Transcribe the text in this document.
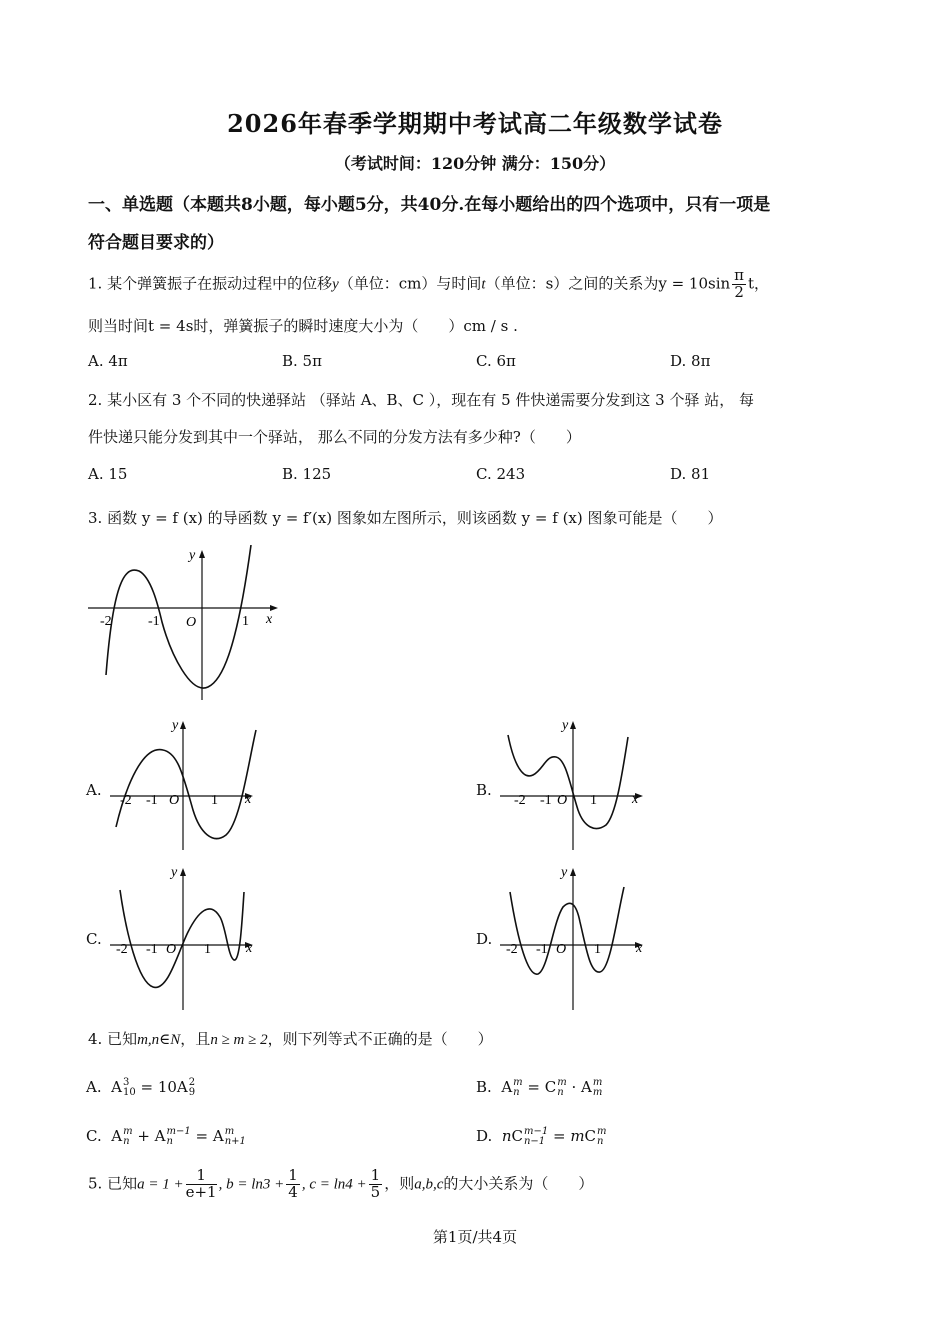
2026年春季学期期中考试高二年级数学试卷
（考试时间：120分钟 满分：150分）
一、单选题（本题共8小题，每小题5分，共40分.在每小题给出的四个选项中，只有一项是
符合题目要求的）
1. 某个弹簧振子在振动过程中的位移y（单位：cm）与时间t（单位：s）之间的关系为$y = 10\sin \frac{\pi}{2}$ t，
则当时间t = 4s时，弹簧振子的瞬时速度大小为（　　）cm / s .
A. 4π	B. 5π	C. 6π	D. 8π
2. 某小区有 3 个不同的快递驿站 （驿站 A、B、C ），现在有 5 件快递需要分发到这 3 个驿 站， 每
件快递只能分发到其中一个驿站， 那么不同的分发方法有多少种?（　　）
A. 15	B. 125	C. 243	D. 81
3. 函数 y = f (x) 的导函数 y = f′(x) 图象如左图所示，则该函数 y = f (x) 图象可能是（　　）
-2	-1 O	1 x
y
A.
-2 -1 O 1 x
y
B.
-2 -1 O 1	x
y
C.
-2 -1 O 1	x
y
D.
-2 -1 O 1	x
y
4. 已知m,n∈N，且n ≥ m ≥ 2，则下列等式不正确的是（　　）
A.  A 3
10 = 10A 2
9	B.  A m
n = C m
n · A m
m
C.  A m
n + A m−1
n	= A m
n+1	D. nC m−1
n−1 = mC m
n
5. 已知$a = 1 + \frac{1}{e+1}$ , $b = \ln 3 + \frac{1}{4}$ , $c = \ln 4 + \frac{1}{5}$ ，则a,b,c的大小关系为（　　）
第1页/共4页
